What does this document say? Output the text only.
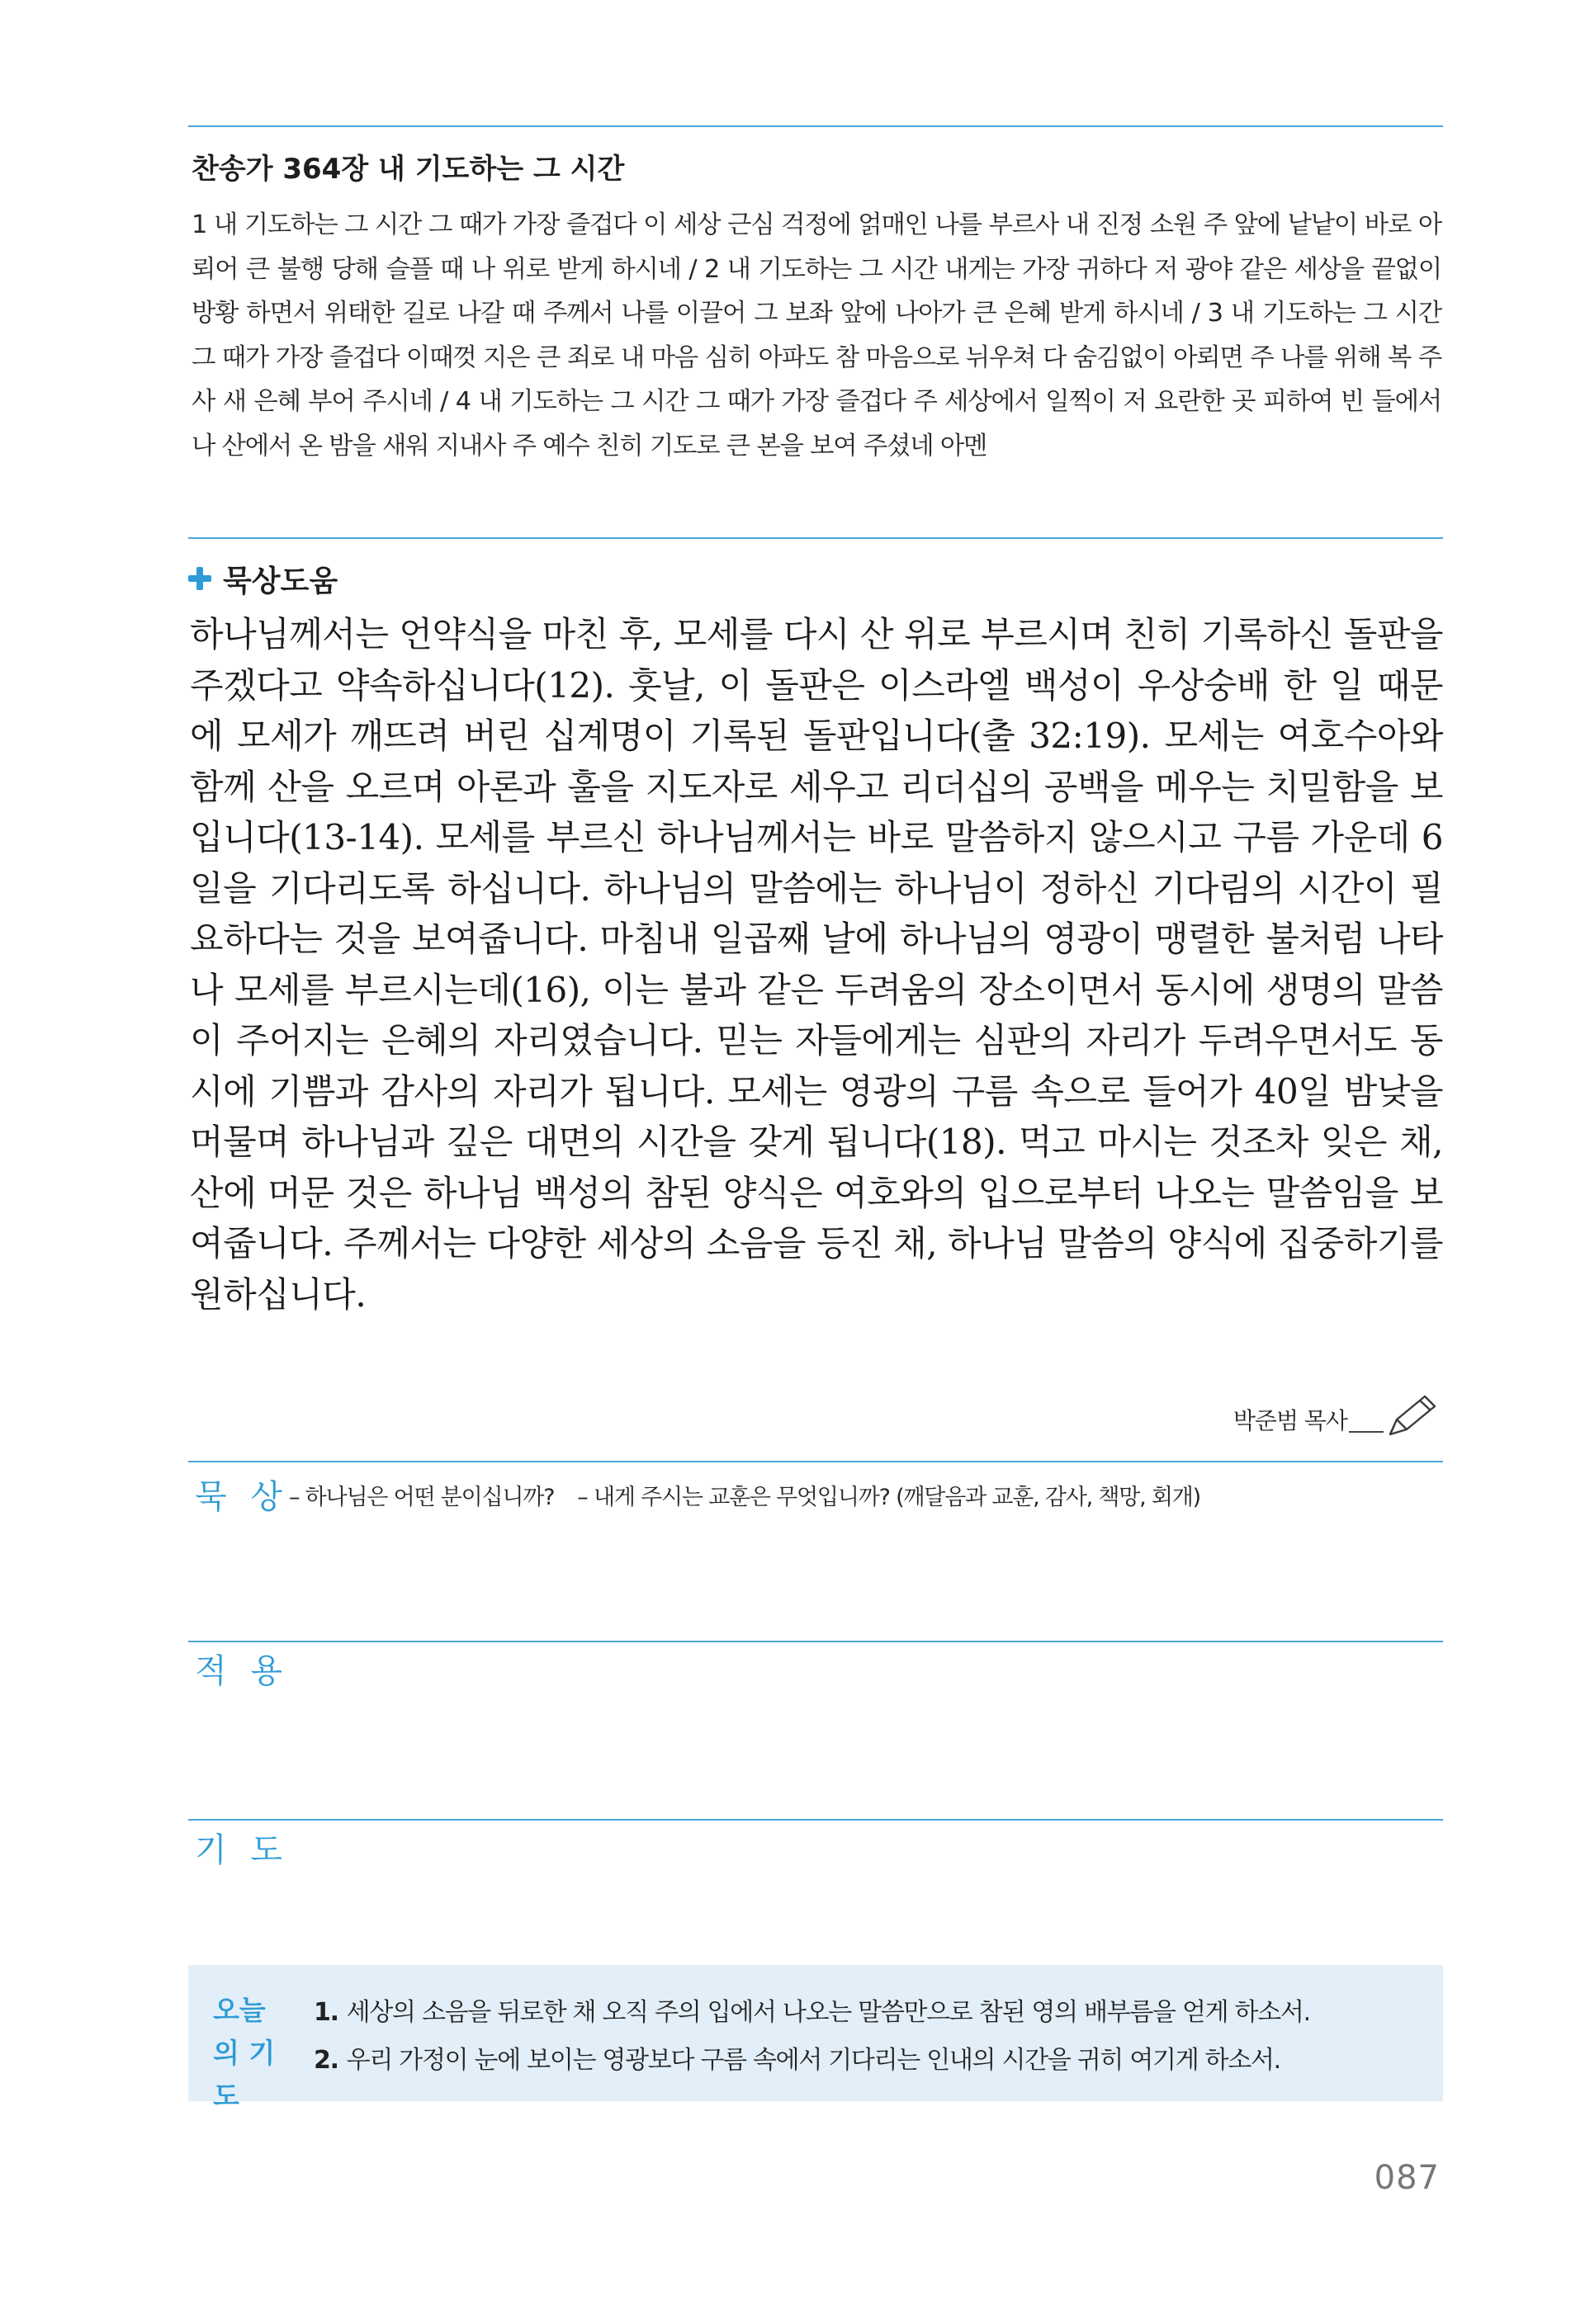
찬송가 364장 내 기도하는 그 시간
1 내 기도하는 그 시간 그 때가 가장 즐겁다 이 세상 근심 걱정에 얽매인 나를 부르사 내 진정 소원 주 앞에 낱낱이 바로 아뢰어 큰 불행 당해 슬플 때 나 위로 받게 하시네 / 2 내 기도하는 그 시간 내게는 가장 귀하다 저 광야 같은 세상을 끝없이 방황 하면서 위태한 길로 나갈 때 주께서 나를 이끌어 그 보좌 앞에 나아가 큰 은혜 받게 하시네 / 3 내 기도하는 그 시간 그 때가 가장 즐겁다 이때껏 지은 큰 죄로 내 마음 심히 아파도 참 마음으로 뉘우쳐 다 숨김없이 아뢰면 주 나를 위해 복 주사 새 은혜 부어 주시네 / 4 내 기도하는 그 시간 그 때가 가장 즐겁다 주 세상에서 일찍이 저 요란한 곳 피하여 빈 들에서나 산에서 온 밤을 새워 지내사 주 예수 친히 기도로 큰 본을 보여 주셨네 아멘
묵상도움
하나님께서는 언약식을 마친 후, 모세를 다시 산 위로 부르시며 친히 기록하신 돌판을 주겠다고 약속하십니다(12). 훗날, 이 돌판은 이스라엘 백성이 우상숭배 한 일 때문에 모세가 깨뜨려 버린 십계명이 기록된 돌판입니다(출 32:19). 모세는 여호수아와 함께 산을 오르며 아론과 훌을 지도자로 세우고 리더십의 공백을 메우는 치밀함을 보입니다(13-14). 모세를 부르신 하나님께서는 바로 말씀하지 않으시고 구름 가운데 6일을 기다리도록 하십니다. 하나님의 말씀에는 하나님이 정하신 기다림의 시간이 필요하다는 것을 보여줍니다. 마침내 일곱째 날에 하나님의 영광이 맹렬한 불처럼 나타나 모세를 부르시는데(16), 이는 불과 같은 두려움의 장소이면서 동시에 생명의 말씀이 주어지는 은혜의 자리였습니다. 믿는 자들에게는 심판의 자리가 두려우면서도 동시에 기쁨과 감사의 자리가 됩니다. 모세는 영광의 구름 속으로 들어가 40일 밤낮을 머물며 하나님과 깊은 대면의 시간을 갖게 됩니다(18). 먹고 마시는 것조차 잊은 채, 산에 머문 것은 하나님 백성의 참된 양식은 여호와의 입으로부터 나오는 말씀임을 보여줍니다. 주께서는 다양한 세상의 소음을 등진 채, 하나님 말씀의 양식에 집중하기를 원하십니다.
박준범 목사
묵 상 – 하나님은 어떤 분이십니까? – 내게 주시는 교훈은 무엇입니까? (깨달음과 교훈, 감사, 책망, 회개)
적 용
기 도
오늘의 기도
1. 세상의 소음을 뒤로한 채 오직 주의 입에서 나오는 말씀만으로 참된 영의 배부름을 얻게 하소서.
2. 우리 가정이 눈에 보이는 영광보다 구름 속에서 기다리는 인내의 시간을 귀히 여기게 하소서.
087
